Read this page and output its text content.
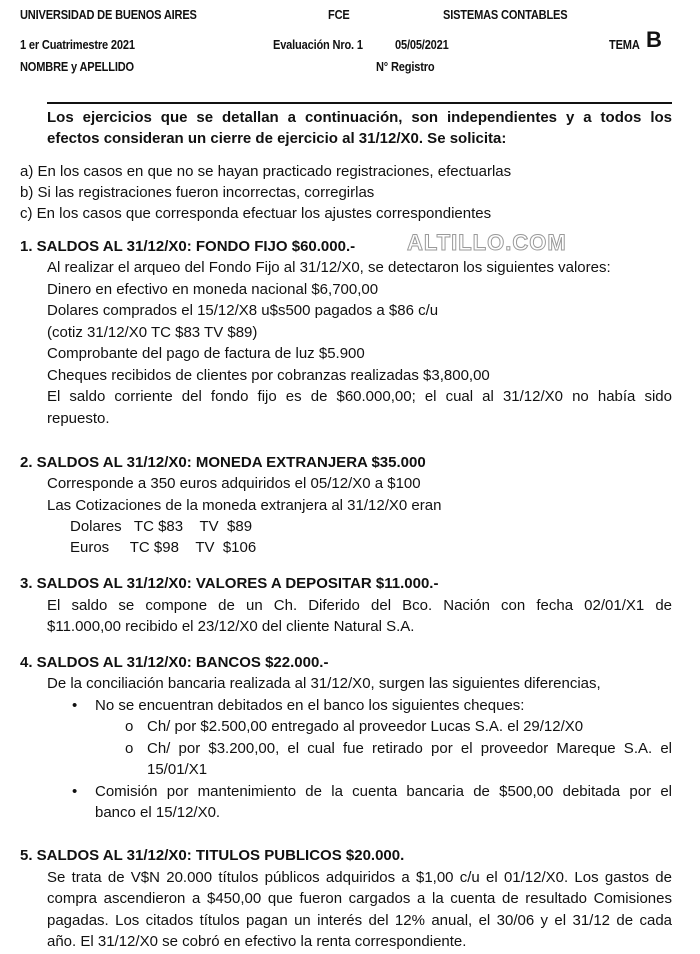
UNIVERSIDAD DE BUENOS AIRES	FCE	SISTEMAS CONTABLES
1 er Cuatrimestre 2021	Evaluación Nro. 1 05/05/2021	TEMA B
NOMBRE y APELLIDO	N° Registro
Los ejercicios que se detallan a continuación, son independientes y a todos los
efectos consideran un cierre de ejercicio al 31/12/X0. Se solicita:
a) En los casos en que no se hayan practicado registraciones, efectuarlas
b) Si las registraciones fueron incorrectas, corregirlas
c) En los casos que corresponda efectuar los ajustes correspondientes
ALTILLO.COM
1. SALDOS AL 31/12/X0: FONDO FIJO $60.000.-
Al realizar el arqueo del Fondo Fijo al 31/12/X0, se detectaron los siguientes valores:
Dinero en efectivo en moneda nacional $6,700,00
Dolares comprados el 15/12/X8 u$s500 pagados a $86 c/u
(cotiz 31/12/X0 TC $83 TV $89)
Comprobante del pago de factura de luz $5.900
Cheques recibidos de clientes por cobranzas realizadas $3,800,00
El saldo corriente del fondo fijo es de $60.000,00; el cual al 31/12/X0 no había sido
repuesto.
2. SALDOS AL 31/12/X0: MONEDA EXTRANJERA $35.000
Corresponde a 350 euros adquiridos el 05/12/X0 a $100
Las Cotizaciones de la moneda extranjera al 31/12/X0 eran
Dolares   TC $83    TV  $89
Euros     TC $98    TV  $106
3. SALDOS AL 31/12/X0: VALORES A DEPOSITAR $11.000.-
El saldo se compone de un Ch. Diferido del Bco. Nación con fecha 02/01/X1 de
$11.000,00 recibido el 23/12/X0 del cliente Natural S.A.
4. SALDOS AL 31/12/X0: BANCOS $22.000.-
De la conciliación bancaria realizada al 31/12/X0, surgen las siguientes diferencias,
• No se encuentran debitados en el banco los siguientes cheques:
o Ch/ por $2.500,00 entregado al proveedor Lucas S.A. el 29/12/X0
o Ch/ por $3.200,00, el cual fue retirado por el proveedor Mareque S.A. el
15/01/X1
• Comisión por mantenimiento de la cuenta bancaria de $500,00 debitada por el
banco el 15/12/X0.
5. SALDOS AL 31/12/X0: TITULOS PUBLICOS $20.000.
Se trata de V$N 20.000 títulos públicos adquiridos a $1,00 c/u el 01/12/X0. Los gastos de
compra ascendieron a $450,00 que fueron cargados a la cuenta de resultado Comisiones
pagadas. Los citados títulos pagan un interés del 12% anual, el 30/06 y el 31/12 de cada
año. El 31/12/X0 se cobró en efectivo la renta correspondiente.
